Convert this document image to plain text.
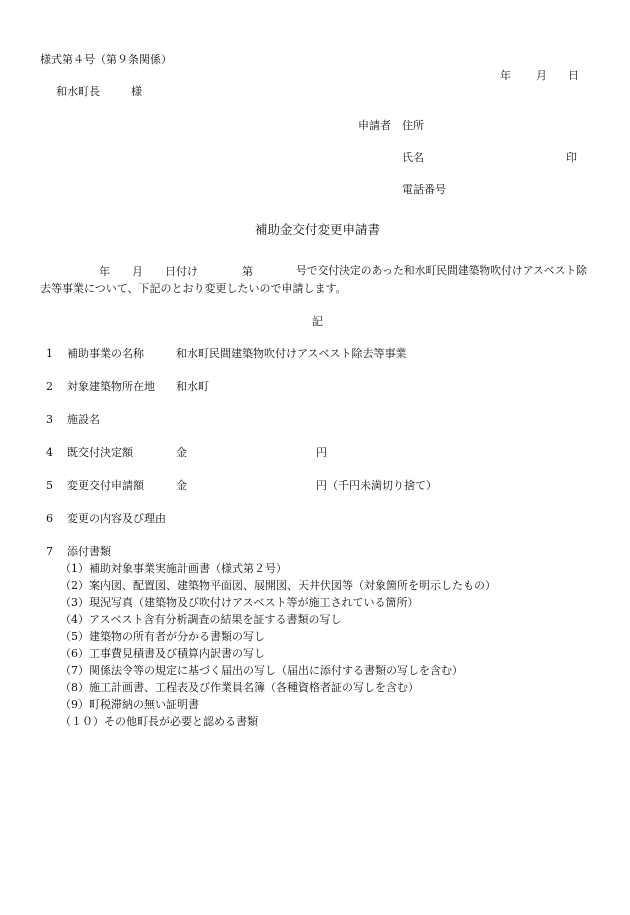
様式第４号（第９条関係）
年 月 日
和水町長	様
申請者 住所
氏名	印
電話番号
補助金交付変更申請書
年 月 日付け	第	号で交付決定のあった和水町民間建築物吹付けアスベスト除
去等事業について、下記のとおり変更したいので申請します。
記
1 補助事業の名称	和水町民間建築物吹付けアスベスト除去等事業
2 対象建築物所在地 和水町
3 施設名
4 既交付決定額	金	円
5 変更交付申請額	金	円（千円未満切り捨て）
6 変更の内容及び理由
7 添付書類
（1）補助対象事業実施計画書（様式第２号）
（2）案内図、配置図、建築物平面図、展開図、天井伏図等（対象箇所を明示したもの）
（3）現況写真（建築物及び吹付けアスベスト等が施工されている箇所）
（4）アスベスト含有分析調査の結果を証する書類の写し
（5）建築物の所有者が分かる書類の写し
（6）工事費見積書及び積算内訳書の写し
（7）関係法令等の規定に基づく届出の写し（届出に添付する書類の写しを含む）
（8）施工計画書、工程表及び作業員名簿（各種資格者証の写しを含む）
（9）町税滞納の無い証明書
（１０）その他町長が必要と認める書類
